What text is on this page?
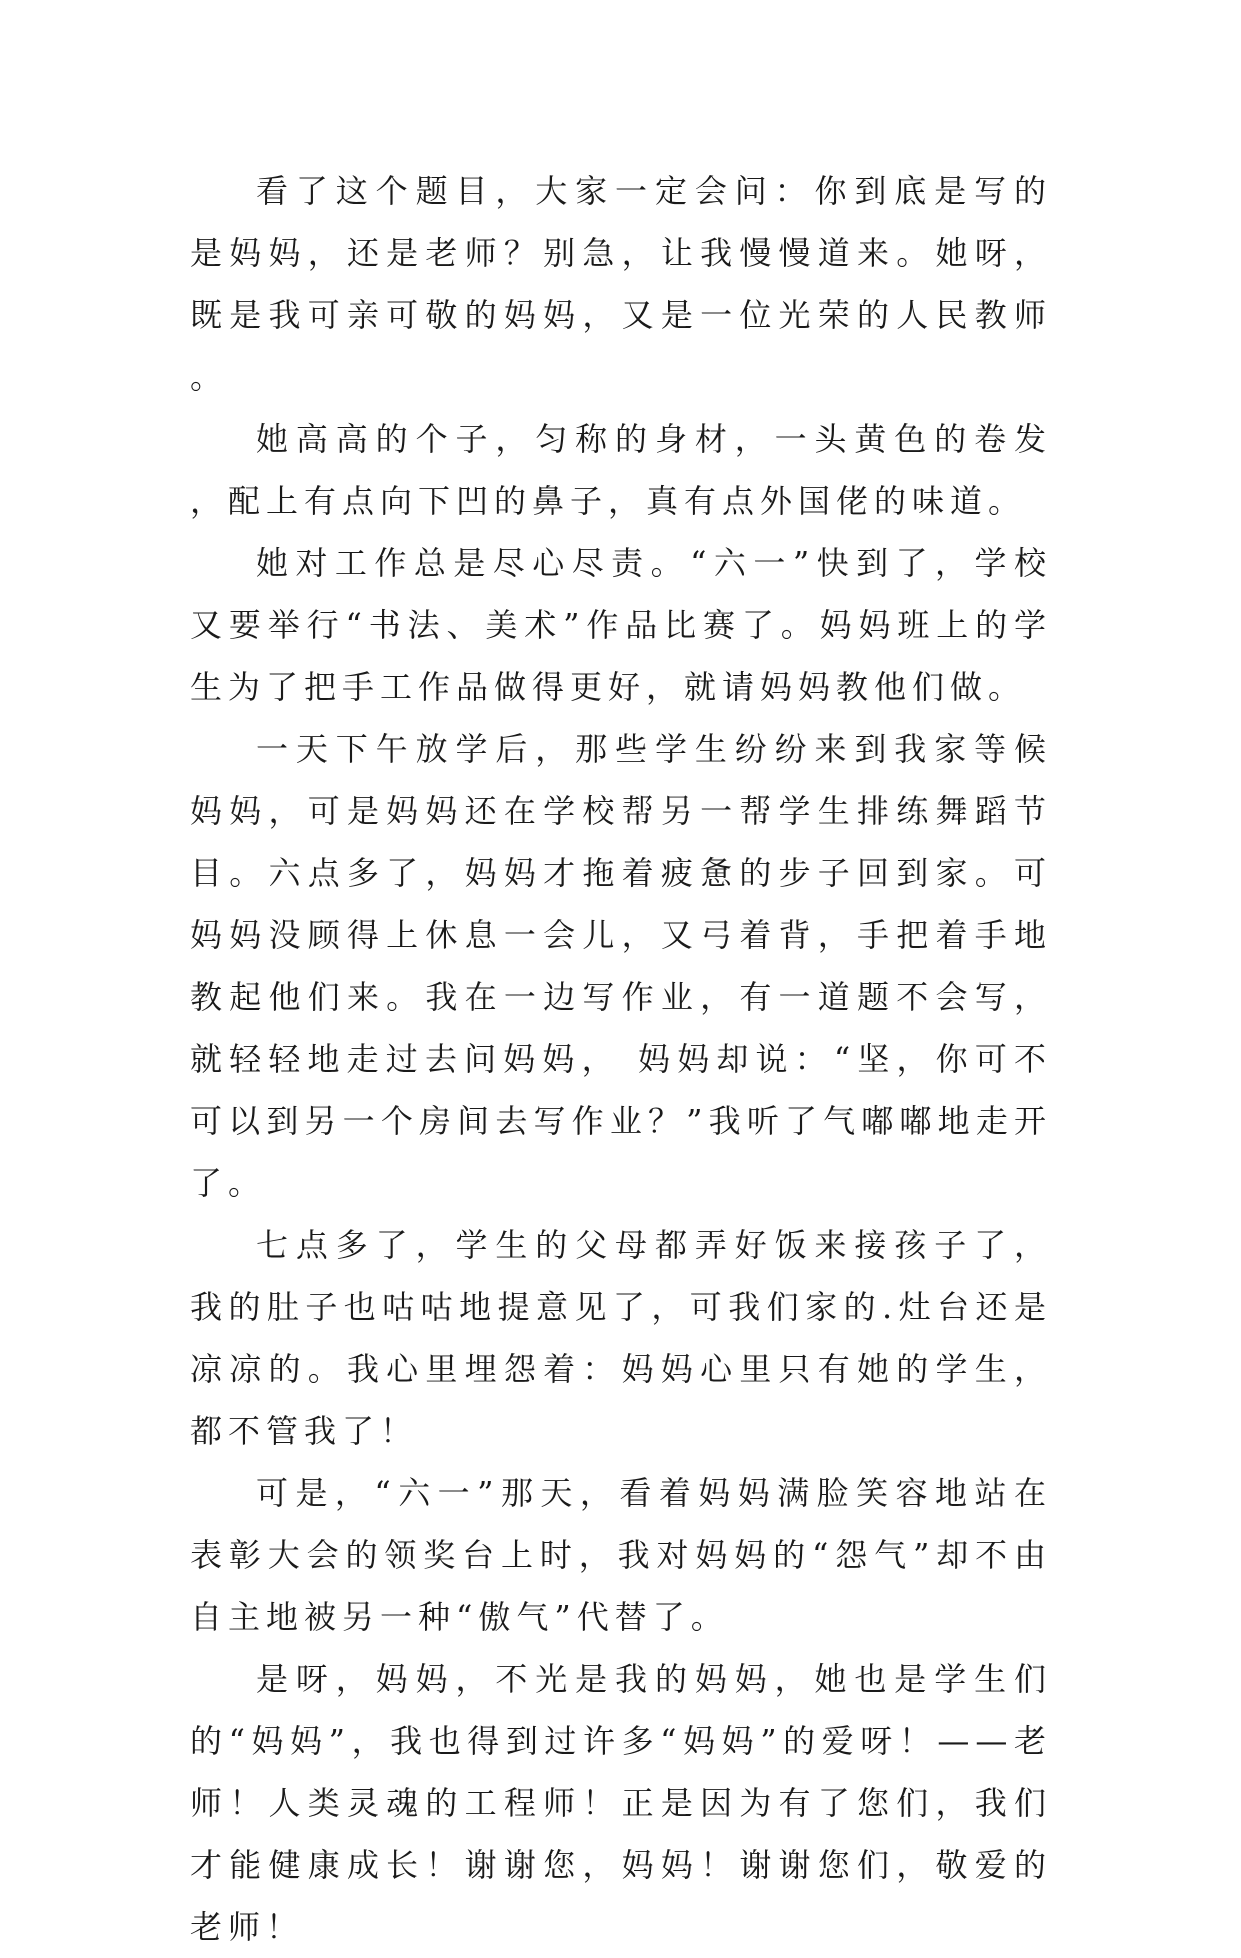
看了这个题目，大家一定会问：你到底是写的是妈妈，还是老师？别急，让我慢慢道来。她呀，既是我可亲可敬的妈妈，又是一位光荣的人民教师。

她高高的个子，匀称的身材，一头黄色的卷发，配上有点向下凹的鼻子，真有点外国佬的味道。

她对工作总是尽心尽责。“六一”快到了，学校又要举行“书法、美术”作品比赛了。妈妈班上的学生为了把手工作品做得更好，就请妈妈教他们做。

一天下午放学后，那些学生纷纷来到我家等候妈妈，可是妈妈还在学校帮另一帮学生排练舞蹈节目。六点多了，妈妈才拖着疲惫的步子回到家。可妈妈没顾得上休息一会儿，又弓着背，手把着手地教起他们来。我在一边写作业，有一道题不会写，就轻轻地走过去问妈妈， 妈妈却说：“坚，你可不可以到另一个房间去写作业？”我听了气嘟嘟地走开了。

七点多了，学生的父母都弄好饭来接孩子了，我的肚子也咕咕地提意见了，可我们家的.灶台还是凉凉的。我心里埋怨着：妈妈心里只有她的学生，都不管我了！

可是，“六一”那天，看着妈妈满脸笑容地站在表彰大会的领奖台上时，我对妈妈的“怨气”却不由自主地被另一种“傲气”代替了。

是呀，妈妈，不光是我的妈妈，她也是学生们的“妈妈”，我也得到过许多“妈妈”的爱呀！——老师！人类灵魂的工程师！正是因为有了您们，我们才能健康成长！谢谢您，妈妈！谢谢您们，敬爱的老师！
